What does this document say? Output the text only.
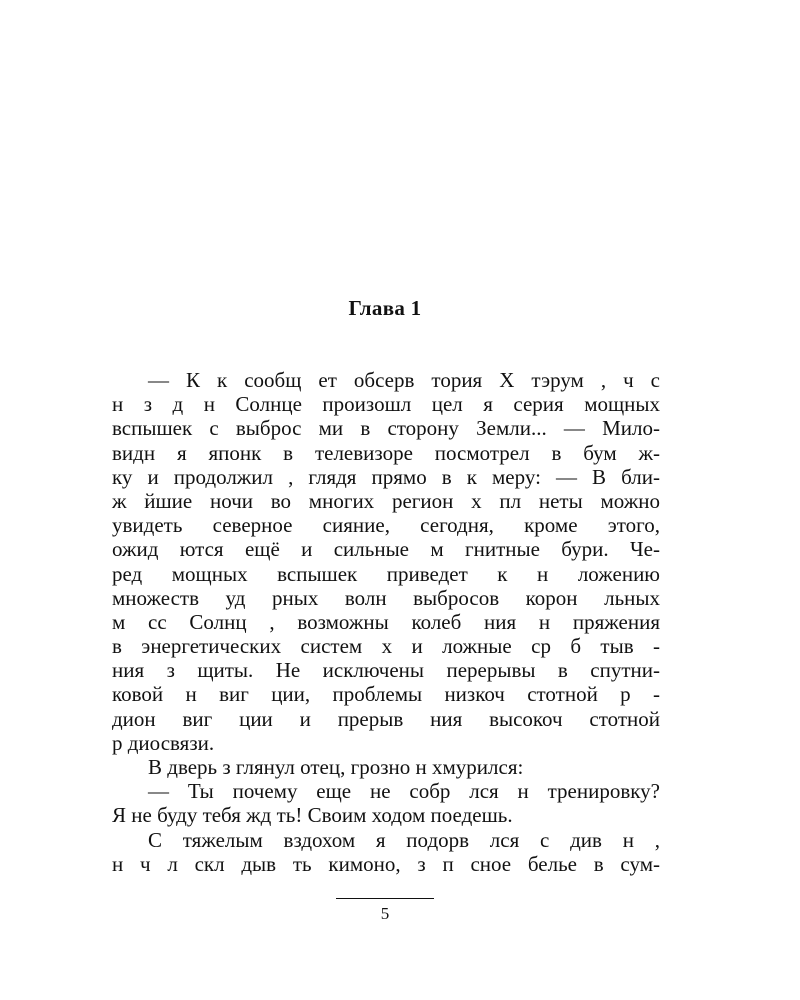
Глава 1
— К к сообщ ет обсерв тория Х тэрум , ч с
н з д н Солнце произошл цел я серия мощных
вспышек с выброс ми в сторону Земли... — Мило-
видн я японк в телевизоре посмотрел в бум ж-
ку и продолжил , глядя прямо в к меру: — В бли-
ж йшие ночи во многих регион х пл неты можно
увидеть северное сияние, сегодня, кроме этого,
ожид ются ещё и сильные м гнитные бури. Че-
ред мощных вспышек приведет к н ложению
множеств уд рных волн выбросов корон льных
м сс Солнц , возможны колеб ния н пряжения
в энергетических систем х и ложные ср б тыв -
ния з щиты. Не исключены перерывы в спутни-
ковой н виг ции, проблемы низкоч стотной р -
дион виг ции и прерыв ния высокоч стотной
р диосвязи.
В дверь з глянул отец, грозно н хмурился:
— Ты почему еще не собр лся н тренировку?
Я не буду тебя жд ть! Своим ходом поедешь.
С тяжелым вздохом я подорв лся с див н ,
н ч л скл дыв ть кимоно, з п сное белье в сум-
5
